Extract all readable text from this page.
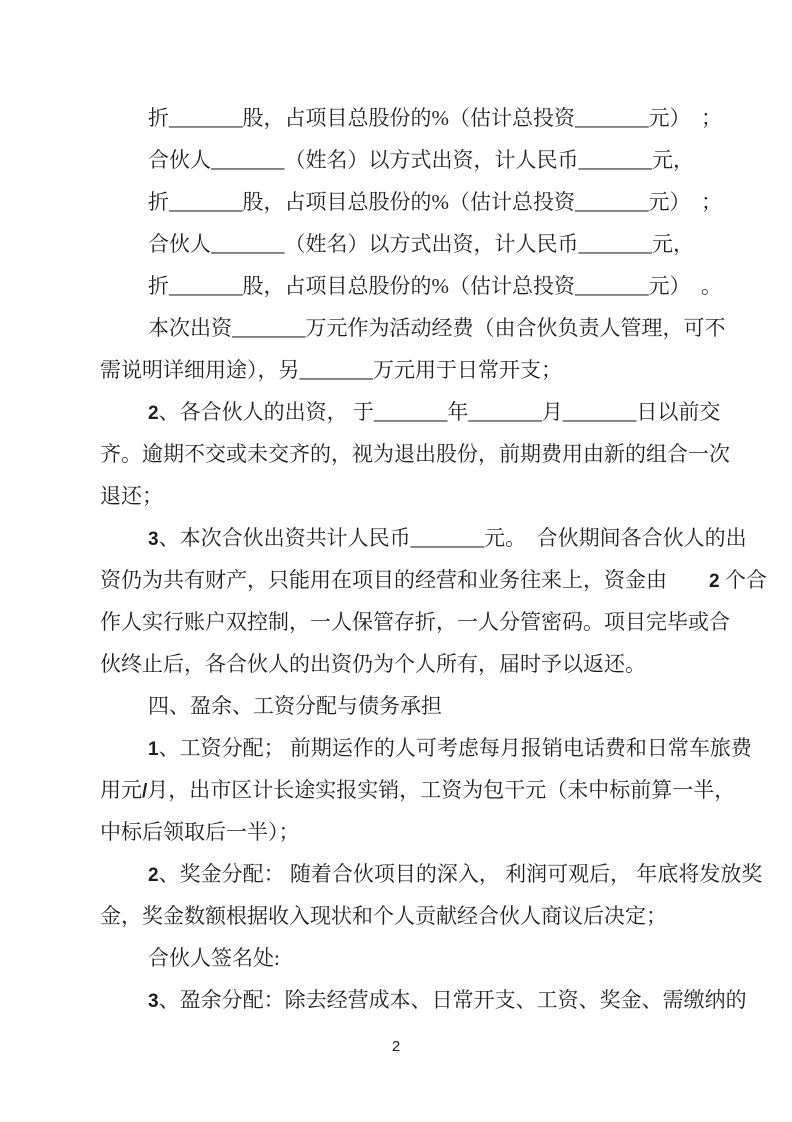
折_______股，占项目总股份的%（估计总投资_______元）　；
合伙人_______（姓名）以方式出资，计人民币_______元，
折_______股，占项目总股份的%（估计总投资_______元）　；
合伙人_______（姓名）以方式出资，计人民币_______元，
折_______股，占项目总股份的%（估计总投资_______元）　。
本次出资_______万元作为活动经费（由合伙负责人管理，可不
需说明详细用途），另_______万元用于日常开支；
2、各合伙人的出资， 于_______年_______月_______日以前交
齐。逾期不交或未交齐的，视为退出股份，前期费用由新的组合一次
退还；
3、本次合伙出资共计人民币_______元。　合伙期间各合伙人的出
资仍为共有财产，只能用在项目的经营和业务往来上，资金由　　2 个合
作人实行账户双控制，一人保管存折，一人分管密码。项目完毕或合
伙终止后，各合伙人的出资仍为个人所有，届时予以返还。
四、盈余、工资分配与债务承担
1、工资分配； 前期运作的人可考虑每月报销电话费和日常车旅费
用元/月，出市区计长途实报实销，工资为包干元（未中标前算一半，
中标后领取后一半）；
2、奖金分配： 随着合伙项目的深入， 利润可观后， 年底将发放奖
金，奖金数额根据收入现状和个人贡献经合伙人商议后决定；
合伙人签名处:
3、盈余分配：除去经营成本、日常开支、工资、奖金、需缴纳的
2
